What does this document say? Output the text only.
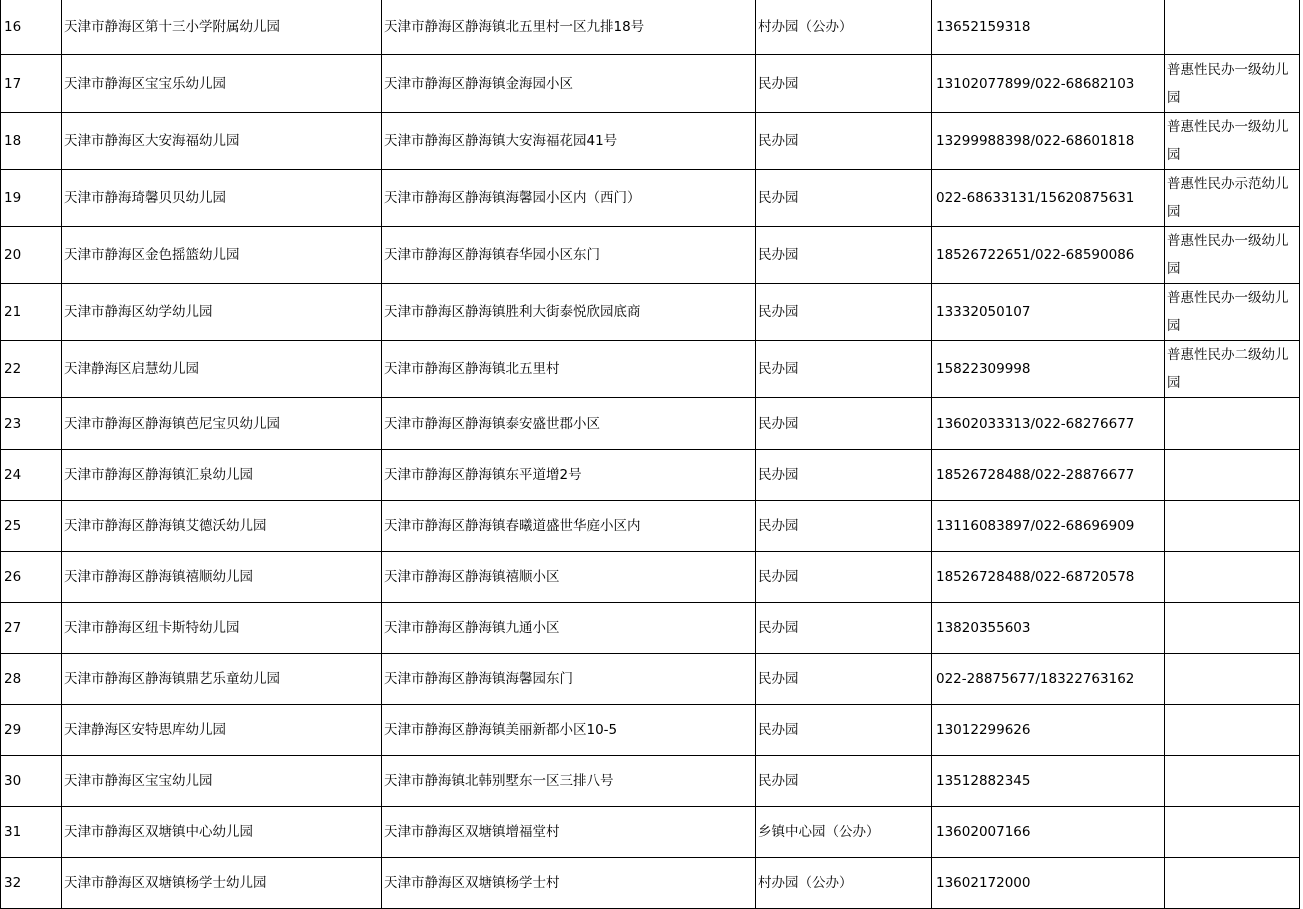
16	天津市静海区第十三小学附属幼儿园	天津市静海区静海镇北五里村一区九排18号	村办园（公办）	13652159318	
17	天津市静海区宝宝乐幼儿园	天津市静海区静海镇金海园小区	民办园	13102077899/022-68682103	普惠性民办一级幼儿园
18	天津市静海区大安海福幼儿园	天津市静海区静海镇大安海福花园41号	民办园	13299988398/022-68601818	普惠性民办一级幼儿园
19	天津市静海琦馨贝贝幼儿园	天津市静海区静海镇海馨园小区内（西门）	民办园	022-68633131/15620875631	普惠性民办示范幼儿园
20	天津市静海区金色摇篮幼儿园	天津市静海区静海镇春华园小区东门	民办园	18526722651/022-68590086	普惠性民办一级幼儿园
21	天津市静海区幼学幼儿园	天津市静海区静海镇胜利大街泰悦欣园底商	民办园	13332050107	普惠性民办一级幼儿园
22	天津静海区启慧幼儿园	天津市静海区静海镇北五里村	民办园	15822309998	普惠性民办二级幼儿园
23	天津市静海区静海镇芭尼宝贝幼儿园	天津市静海区静海镇泰安盛世郡小区	民办园	13602033313/022-68276677	
24	天津市静海区静海镇汇泉幼儿园	天津市静海区静海镇东平道增2号	民办园	18526728488/022-28876677	
25	天津市静海区静海镇艾德沃幼儿园	天津市静海区静海镇春曦道盛世华庭小区内	民办园	13116083897/022-68696909	
26	天津市静海区静海镇禧顺幼儿园	天津市静海区静海镇禧顺小区	民办园	18526728488/022-68720578	
27	天津市静海区纽卡斯特幼儿园	天津市静海区静海镇九通小区	民办园	13820355603	
28	天津市静海区静海镇鼎艺乐童幼儿园	天津市静海区静海镇海馨园东门	民办园	022-28875677/18322763162	
29	天津静海区安特思库幼儿园	天津市静海区静海镇美丽新都小区10-5	民办园	13012299626	
30	天津市静海区宝宝幼儿园	天津市静海镇北韩别墅东一区三排八号	民办园	13512882345	
31	天津市静海区双塘镇中心幼儿园	天津市静海区双塘镇增福堂村	乡镇中心园（公办）	13602007166	
32	天津市静海区双塘镇杨学士幼儿园	天津市静海区双塘镇杨学士村	村办园（公办）	13602172000	
